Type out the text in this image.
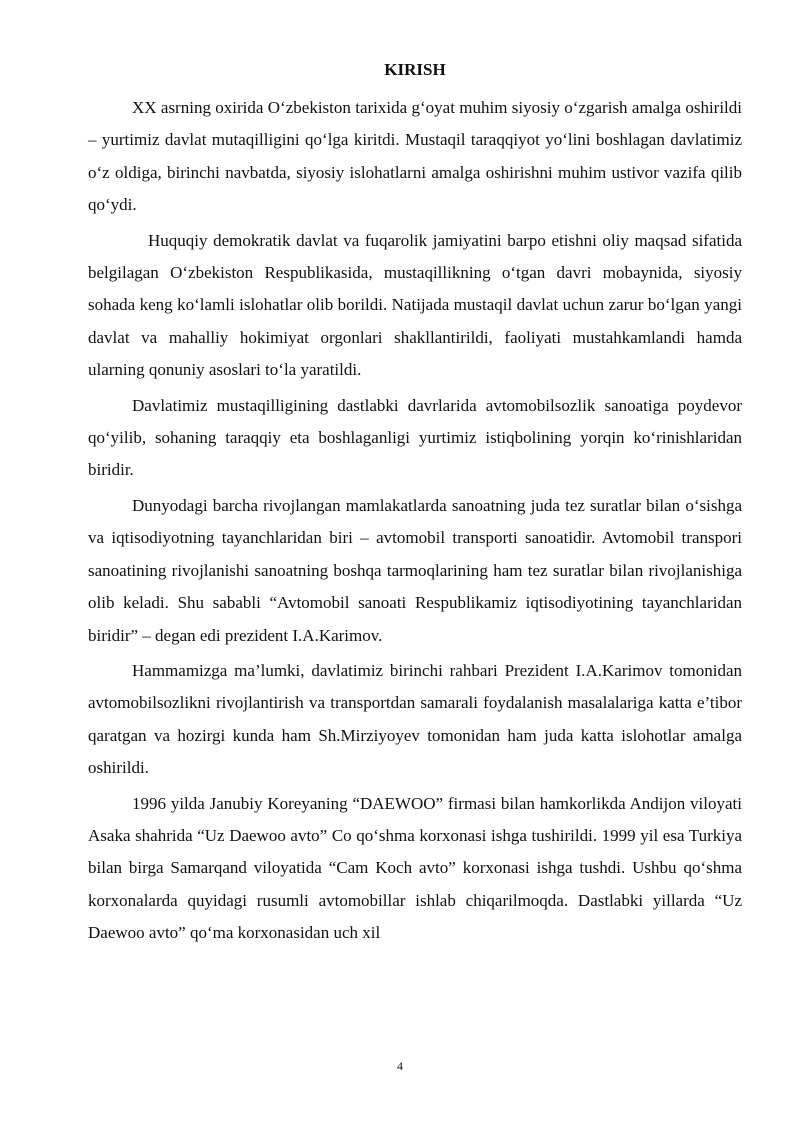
KIRISH

XX asrning oxirida O‘zbekiston tarixida g‘oyat muhim siyosiy o‘zgarish amalga oshirildi – yurtimiz davlat mutaqilligini qo‘lga kiritdi. Mustaqil taraqqiyot yo‘lini boshlagan davlatimiz o‘z oldiga, birinchi navbatda, siyosiy islohatlarni amalga oshirishni muhim ustivor vazifa qilib qo‘ydi.

Huquqiy demokratik davlat va fuqarolik jamiyatini barpo etishni oliy maqsad sifatida belgilagan O‘zbekiston Respublikasida, mustaqillikning o‘tgan davri mobaynida, siyosiy sohada keng ko‘lamli islohatlar olib borildi. Natijada mustaqil davlat uchun zarur bo‘lgan yangi davlat va mahalliy hokimiyat orgonlari shakllantirildi, faoliyati mustahkamlandi hamda ularning qonuniy asoslari to‘la yaratildi.

Davlatimiz mustaqilligining dastlabki davrlarida avtomobilsozlik sanoatiga poydevor qo‘yilib, sohaning taraqqiy eta boshlaganligi yurtimiz istiqbolining yorqin ko‘rinishlaridan biridir.

Dunyodagi barcha rivojlangan mamlakatlarda sanoatning juda tez suratlar bilan o‘sishga va iqtisodiyotning tayanchlaridan biri – avtomobil transporti sanoatidir. Avtomobil transpori sanoatining rivojlanishi sanoatning boshqa tarmoqlarining ham tez suratlar bilan rivojlanishiga olib keladi. Shu sababli “Avtomobil sanoati Respublikamiz iqtisodiyotining tayanchlaridan biridir” – degan edi prezident I.A.Karimov.

Hammamizga ma’lumki, davlatimiz birinchi rahbari Prezident I.A.Karimov tomonidan avtomobilsozlikni rivojlantirish va transportdan samarali foydalanish masalalariga katta e’tibor qaratgan va hozirgi kunda ham Sh.Mirziyoyev tomonidan ham juda katta islohotlar amalga oshirildi.

1996 yilda Janubiy Koreyaning “DAEWOO” firmasi bilan hamkorlikda Andijon viloyati Asaka shahrida “Uz Daewoo avto” Co qo‘shma korxonasi ishga tushirildi. 1999 yil esa Turkiya bilan birga Samarqand viloyatida “Cam Koch avto” korxonasi ishga tushdi. Ushbu qo‘shma korxonalarda quyidagi rusumli avtomobillar ishlab chiqarilmoqda. Dastlabki yillarda “Uz Daewoo avto” qo‘ma korxonasidan uch xil

4
